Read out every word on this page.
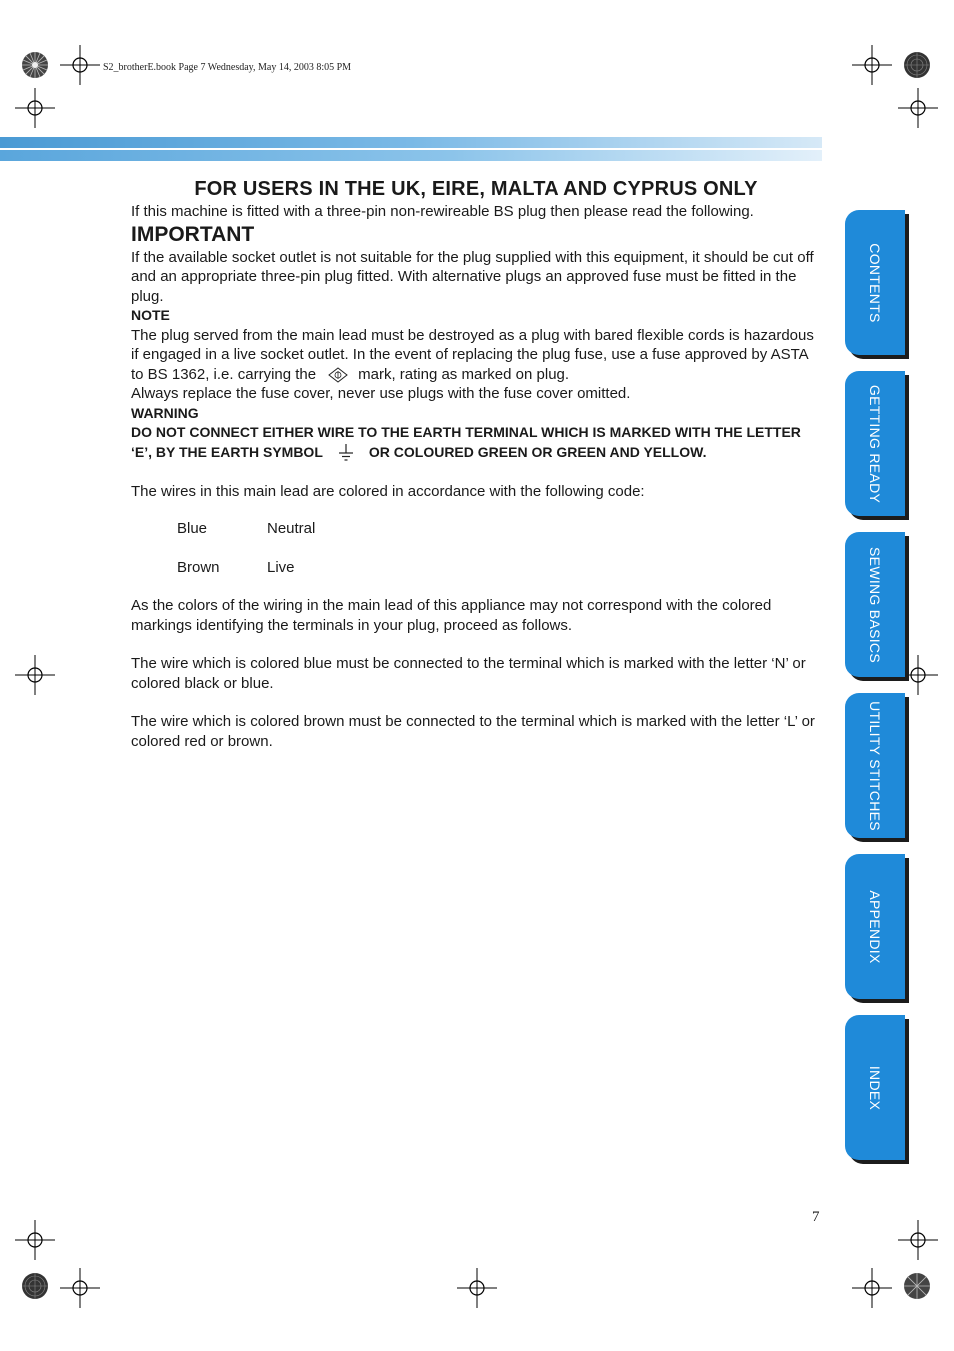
S2_brotherE.book Page 7 Wednesday, May 14, 2003 8:05 PM

FOR USERS IN THE UK, EIRE, MALTA AND CYPRUS ONLY

If this machine is fitted with a three-pin non-rewireable BS plug then please read the following.

IMPORTANT

If the available socket outlet is not suitable for the plug supplied with this equipment, it should be cut off and an appropriate three-pin plug fitted. With alternative plugs an approved fuse must be fitted in the plug.

NOTE

The plug served from the main lead must be destroyed as a plug with bared flexible cords is hazardous if engaged in a live socket outlet. In the event of replacing the plug fuse, use a fuse approved by ASTA to BS 1362, i.e. carrying the	mark, rating as marked on plug.
Always replace the fuse cover, never use plugs with the fuse cover omitted.

WARNING

DO NOT CONNECT EITHER WIRE TO THE EARTH TERMINAL WHICH IS MARKED WITH THE LETTER ‘E’, BY THE EARTH SYMBOL	OR COLOURED GREEN OR GREEN AND YELLOW.

The wires in this main lead are colored in accordance with the following code:

Blue	Neutral

Brown	Live

As the colors of the wiring in the main lead of this appliance may not correspond with the colored markings identifying the terminals in your plug, proceed as follows.

The wire which is colored blue must be connected to the terminal which is marked with the letter ‘N’ or colored black or blue.

The wire which is colored brown must be connected to the terminal which is marked with the letter ‘L’ or colored red or brown.

CONTENTS
GETTING READY
SEWING BASICS
UTILITY STITCHES
APPENDIX
INDEX
7
